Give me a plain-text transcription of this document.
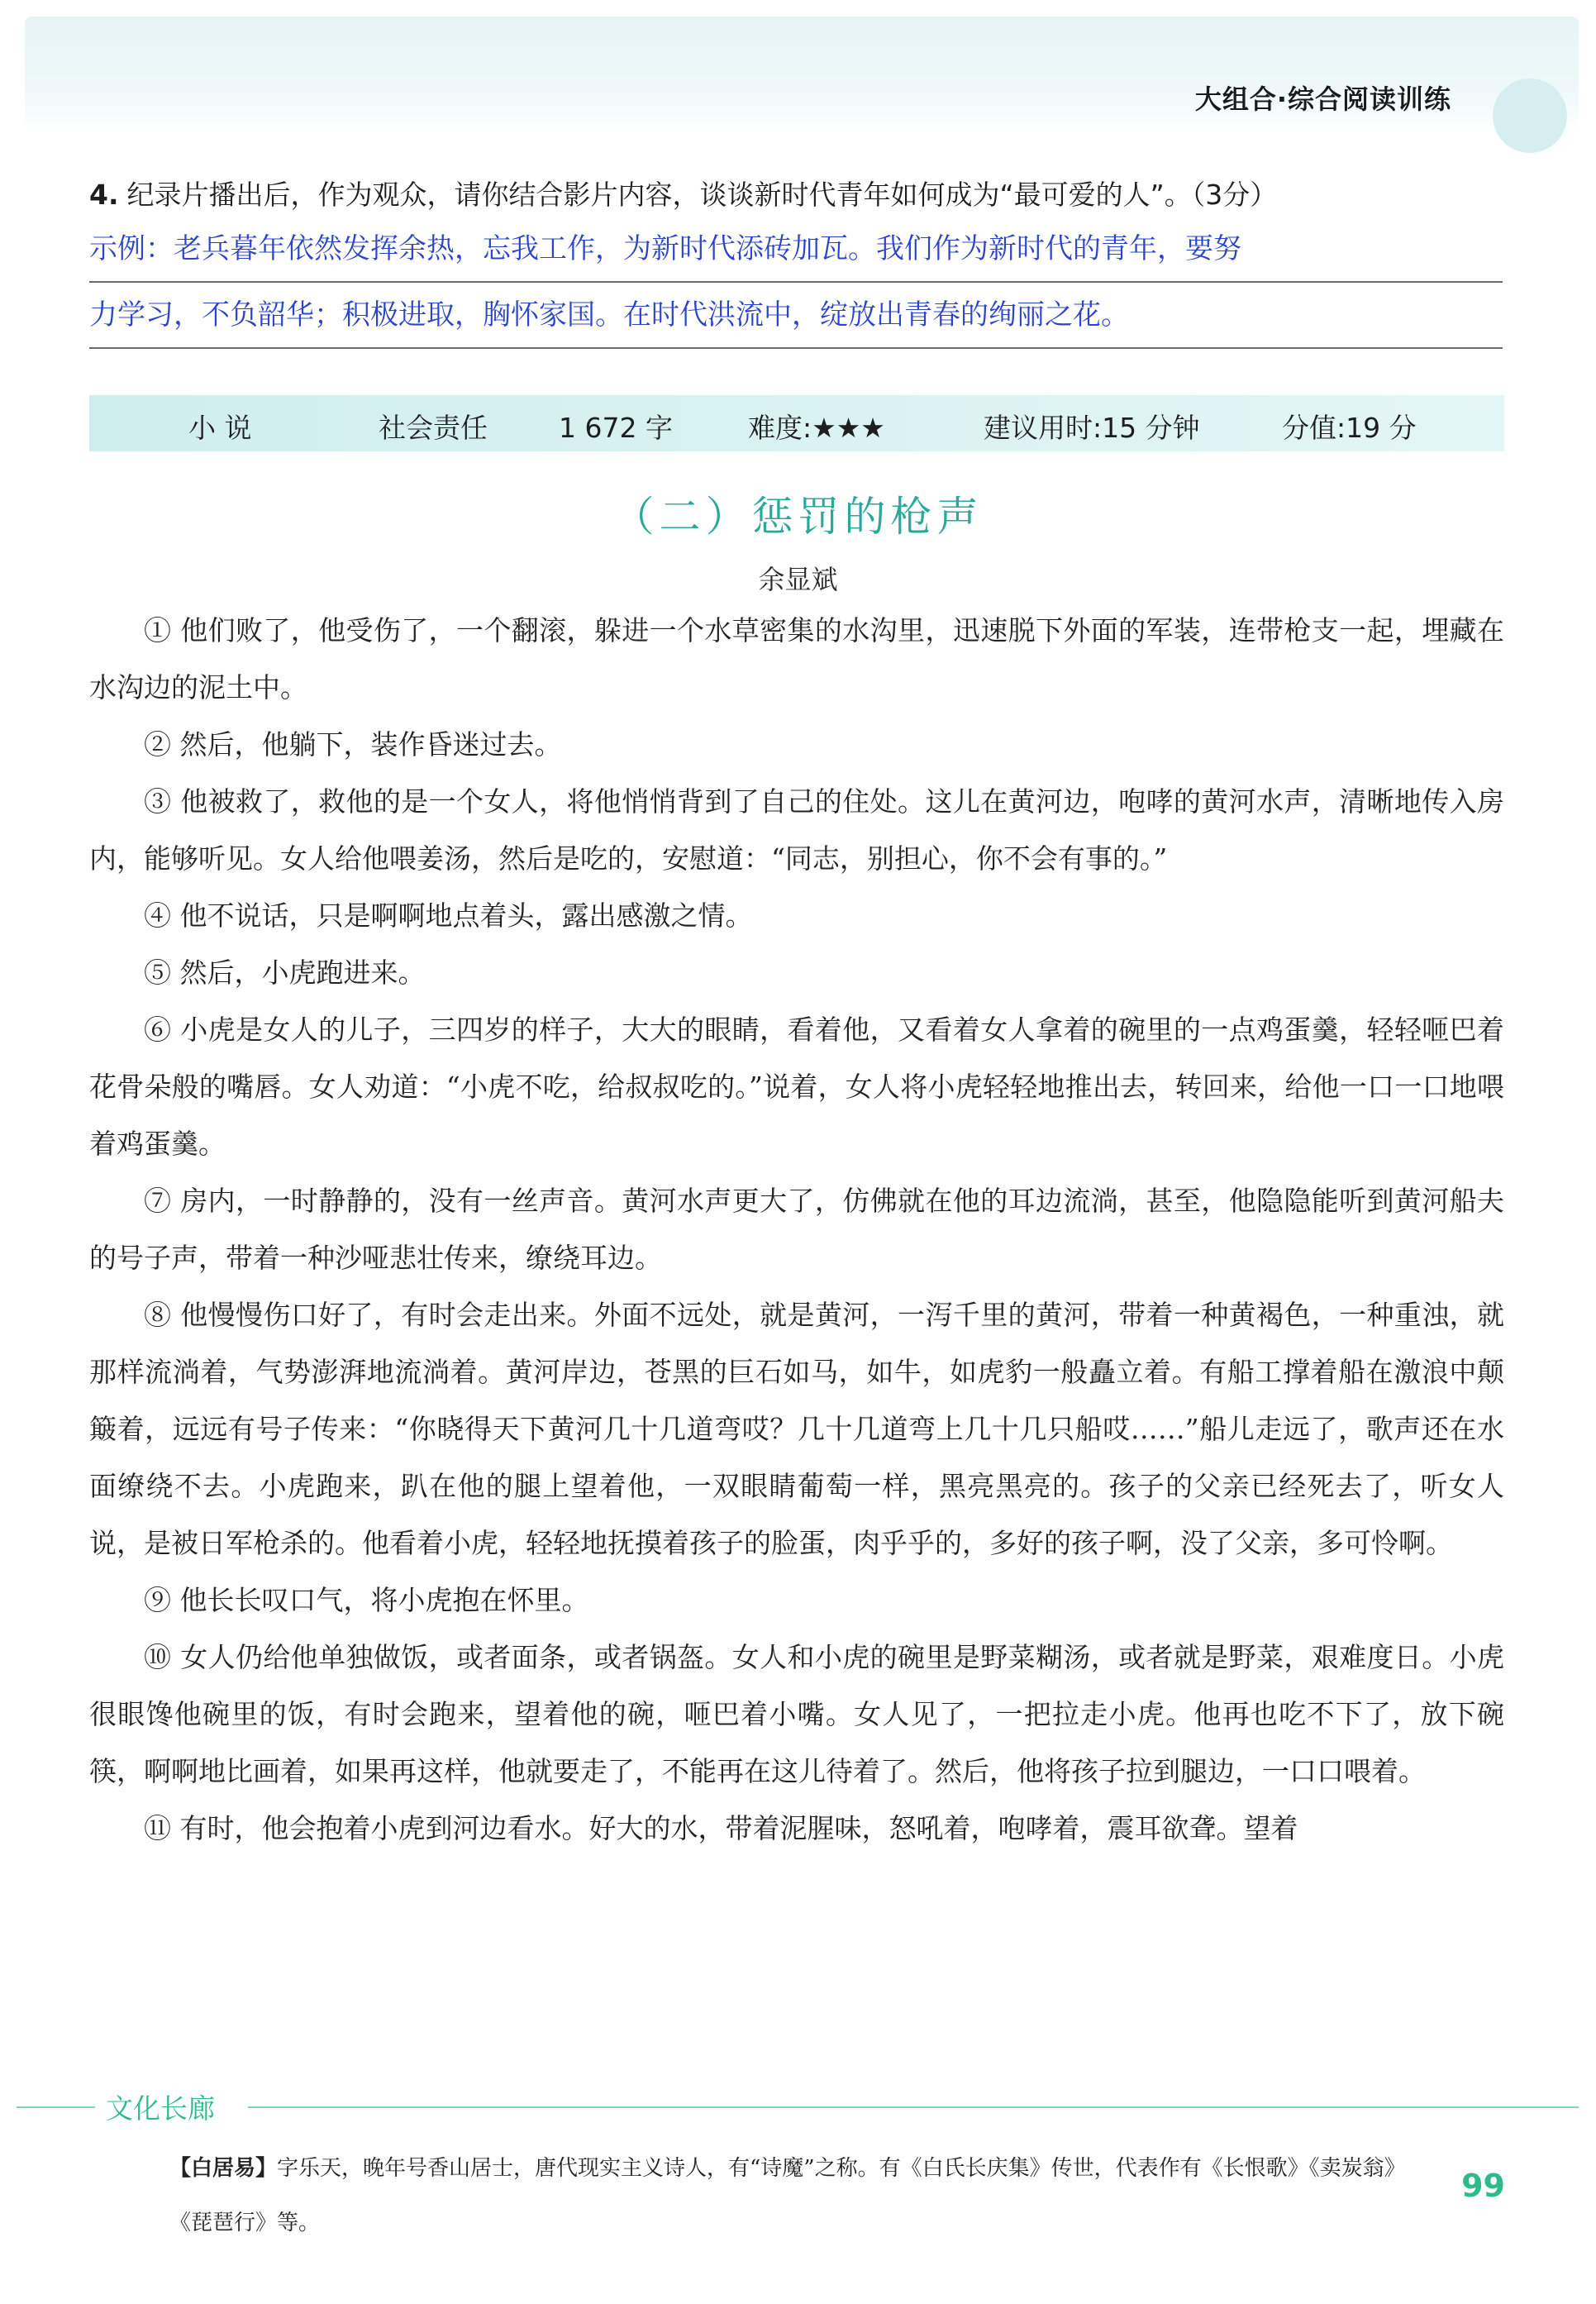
大组合·综合阅读训练
4. 纪录片播出后，作为观众，请你结合影片内容，谈谈新时代青年如何成为“最可爱的人”。（3分）
示例：老兵暮年依然发挥余热，忘我工作，为新时代添砖加瓦。我们作为新时代的青年，要努
力学习，不负韶华；积极进取，胸怀家国。在时代洪流中，绽放出青春的绚丽之花。
小 说	社会责任	1 672 字	难度:★★★	建议用时:15 分钟	分值:19 分
（二）惩罚的枪声
余显斌

① 他们败了，他受伤了，一个翻滚，躲进一个水草密集的水沟里，迅速脱下外面的军装，连带枪支一起，埋藏在水沟边的泥土中。

② 然后，他躺下，装作昏迷过去。

③ 他被救了，救他的是一个女人，将他悄悄背到了自己的住处。这儿在黄河边，咆哮的黄河水声，清晰地传入房内，能够听见。女人给他喂姜汤，然后是吃的，安慰道：“同志，别担心，你不会有事的。”

④ 他不说话，只是啊啊地点着头，露出感激之情。

⑤ 然后，小虎跑进来。

⑥ 小虎是女人的儿子，三四岁的样子，大大的眼睛，看着他，又看着女人拿着的碗里的一点鸡蛋羹，轻轻咂巴着花骨朵般的嘴唇。女人劝道：“小虎不吃，给叔叔吃的。”说着，女人将小虎轻轻地推出去，转回来，给他一口一口地喂着鸡蛋羹。

⑦ 房内，一时静静的，没有一丝声音。黄河水声更大了，仿佛就在他的耳边流淌，甚至，他隐隐能听到黄河船夫的号子声，带着一种沙哑悲壮传来，缭绕耳边。

⑧ 他慢慢伤口好了，有时会走出来。外面不远处，就是黄河，一泻千里的黄河，带着一种黄褐色，一种重浊，就那样流淌着，气势澎湃地流淌着。黄河岸边，苍黑的巨石如马，如牛，如虎豹一般矗立着。有船工撑着船在激浪中颠簸着，远远有号子传来：“你晓得天下黄河几十几道弯哎？几十几道弯上几十几只船哎……”船儿走远了，歌声还在水面缭绕不去。小虎跑来，趴在他的腿上望着他，一双眼睛葡萄一样，黑亮黑亮的。孩子的父亲已经死去了，听女人说，是被日军枪杀的。他看着小虎，轻轻地抚摸着孩子的脸蛋，肉乎乎的，多好的孩子啊，没了父亲，多可怜啊。

⑨ 他长长叹口气，将小虎抱在怀里。

⑩ 女人仍给他单独做饭，或者面条，或者锅盔。女人和小虎的碗里是野菜糊汤，或者就是野菜，艰难度日。小虎很眼馋他碗里的饭，有时会跑来，望着他的碗，咂巴着小嘴。女人见了，一把拉走小虎。他再也吃不下了，放下碗筷，啊啊地比画着，如果再这样，他就要走了，不能再在这儿待着了。然后，他将孩子拉到腿边，一口口喂着。

⑪ 有时，他会抱着小虎到河边看水。好大的水，带着泥腥味，怒吼着，咆哮着，震耳欲聋。望着

文化长廊
【白居易】字乐天，晚年号香山居士，唐代现实主义诗人，有“诗魔”之称。有《白氏长庆集》传世，代表作有《长恨歌》《卖炭翁》《琵琶行》等。
99
